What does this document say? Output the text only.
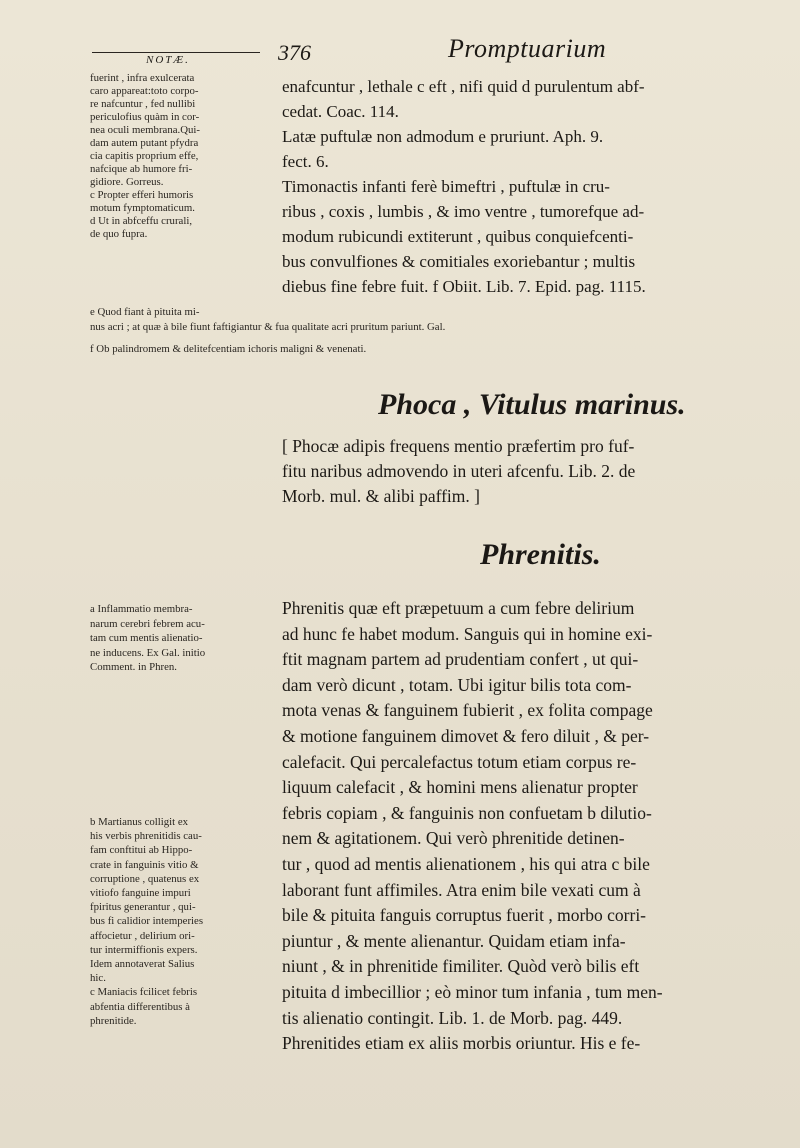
NOTÆ.	376	Promptuarium

fuerint , infra exulcerata
caro appareat:toto corpo-
re nafcuntur , fed nullibi
periculofius quàm in cor-
nea oculi membrana.Qui-
dam autem putant pfydra
cia capitis proprium effe,
nafcique ab humore fri-
gidiore. Gorreus.
c Propter efferi humoris
motum fymptomaticum.
d Ut in abfceffu crurali,
de quo fupra.

enafcuntur , lethale c eft , nifi quid d purulentum abf-
cedat. Coac. 114.
Latæ puftulæ non admodum e pruriunt. Aph. 9.
fect. 6.
Timonactis infanti ferè bimeftri , puftulæ in cru-
ribus , coxis , lumbis , & imo ventre , tumorefque ad-
modum rubicundi extiterunt , quibus conquiefcenti-
bus convulfiones & comitiales exoriebantur ; multis
diebus fine febre fuit. f Obiit. Lib. 7. Epid. pag. 1115.

e Quod fiant à pituita mi-
nus acri ; at quæ à bile fiunt faftigiantur & fua qualitate acri pruritum pariunt. Gal.

f Ob palindromem & delitefcentiam ichoris maligni & venenati.

Phoca , Vitulus marinus.

[ Phocæ adipis frequens mentio præfertim pro fuf-
fitu naribus admovendo in uteri afcenfu. Lib. 2. de
Morb. mul. & alibi paffim. ]

Phrenitis.

a Inflammatio membra-
narum cerebri febrem acu-
tam cum mentis alienatio-
ne inducens. Ex Gal. initio
Comment. in Phren.

b Martianus colligit ex
his verbis phrenitidis cau-
fam conftitui ab Hippo-
crate in fanguinis vitio &
corruptione , quatenus ex
vitiofo fanguine impuri
fpiritus generantur , qui-
bus fi calidior intemperies
affocietur , delirium ori-
tur intermiffionis expers.
Idem annotaverat Salius
hic.
c Maniacis fcilicet febris
abfentia differentibus à
phrenitide.

Phrenitis quæ eft præpetuum a cum febre delirium
ad hunc fe habet modum. Sanguis qui in homine exi-
ftit magnam partem ad prudentiam confert , ut qui-
dam verò dicunt , totam. Ubi igitur bilis tota com-
mota venas & fanguinem fubierit , ex folita compage
& motione fanguinem dimovet & fero diluit , & per-
calefacit. Qui percalefactus totum etiam corpus re-
liquum calefacit , & homini mens alienatur propter
febris copiam , & fanguinis non confuetam b dilutio-
nem & agitationem. Qui verò phrenitide detinen-
tur , quod ad mentis alienationem , his qui atra c bile
laborant funt affimiles. Atra enim bile vexati cum à
bile & pituita fanguis corruptus fuerit , morbo corri-
piuntur , & mente alienantur. Quidam etiam infa-
niunt , & in phrenitide fimiliter. Quòd verò bilis eft
pituita d imbecillior ; eò minor tum infania , tum men-
tis alienatio contingit. Lib. 1. de Morb. pag. 449.
Phrenitides etiam ex aliis morbis oriuntur. His e fe-
